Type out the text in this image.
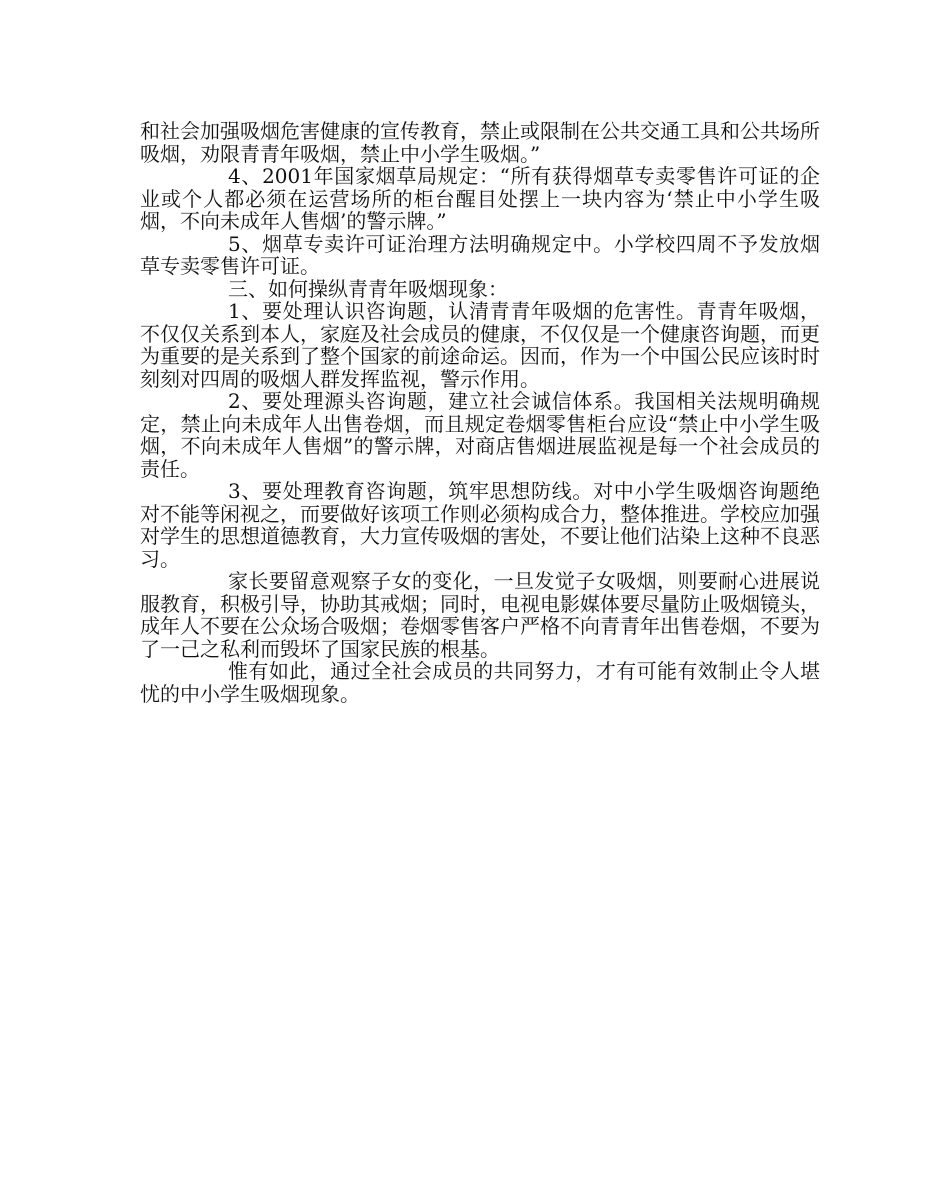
和社会加强吸烟危害健康的宣传教育，禁止或限制在公共交通工具和公共场所吸烟，劝限青青年吸烟，禁止中小学生吸烟。”

4、2001年国家烟草局规定：“所有获得烟草专卖零售许可证的企业或个人都必须在运营场所的柜台醒目处摆上一块内容为‘禁止中小学生吸烟，不向未成年人售烟’的警示牌。”

5、烟草专卖许可证治理方法明确规定中。小学校四周不予发放烟草专卖零售许可证。

三、如何操纵青青年吸烟现象：

1、要处理认识咨询题，认清青青年吸烟的危害性。青青年吸烟，不仅仅关系到本人，家庭及社会成员的健康，不仅仅是一个健康咨询题，而更为重要的是关系到了整个国家的前途命运。因而，作为一个中国公民应该时时刻刻对四周的吸烟人群发挥监视，警示作用。

2、要处理源头咨询题，建立社会诚信体系。我国相关法规明确规定，禁止向未成年人出售卷烟，而且规定卷烟零售柜台应设“禁止中小学生吸烟，不向未成年人售烟”的警示牌，对商店售烟进展监视是每一个社会成员的责任。

3、要处理教育咨询题，筑牢思想防线。对中小学生吸烟咨询题绝对不能等闲视之，而要做好该项工作则必须构成合力，整体推进。学校应加强对学生的思想道德教育，大力宣传吸烟的害处，不要让他们沾染上这种不良恶习。

家长要留意观察子女的变化，一旦发觉子女吸烟，则要耐心进展说服教育，积极引导，协助其戒烟；同时，电视电影媒体要尽量防止吸烟镜头，成年人不要在公众场合吸烟；卷烟零售客户严格不向青青年出售卷烟，不要为了一己之私利而毁坏了国家民族的根基。

惟有如此，通过全社会成员的共同努力，才有可能有效制止令人堪忧的中小学生吸烟现象。
